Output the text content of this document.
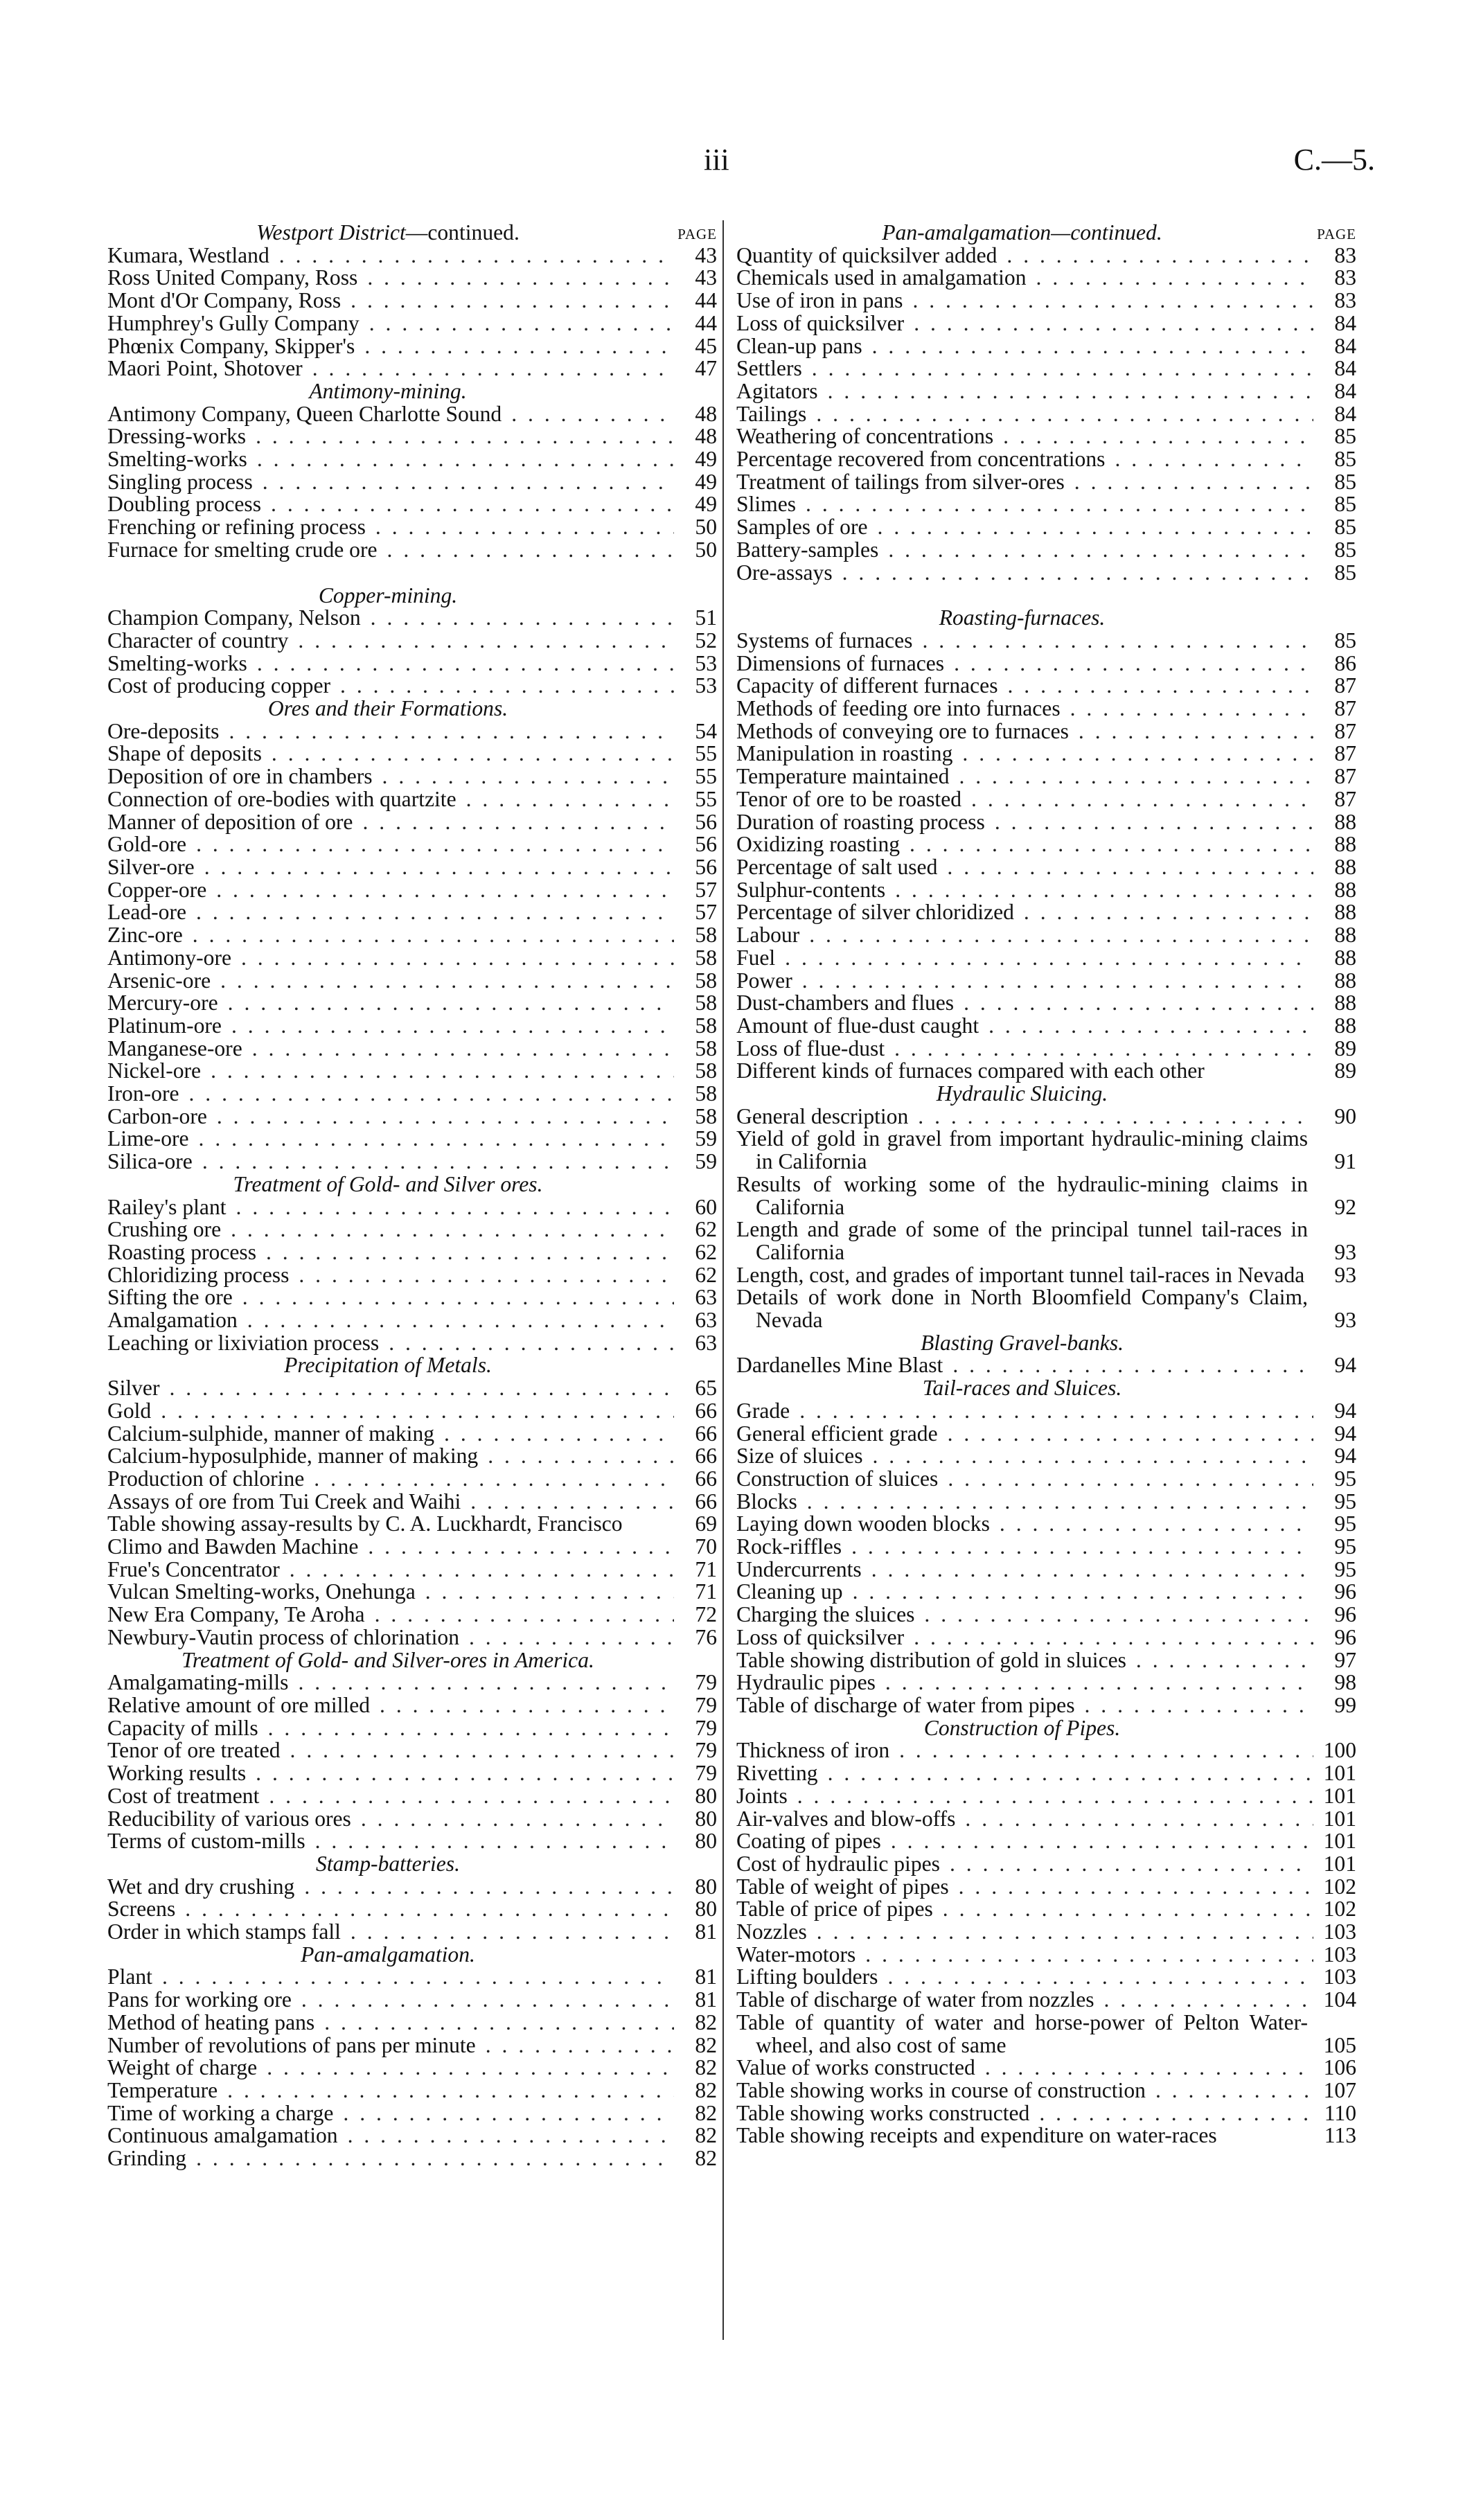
iii	C.—5.
PAGE
Westport District—continued.
Kumara, Westland . . .	43
Ross United Company, Ross . . .	43
Mont d'Or Company, Ross . . .	44
Humphrey's Gully Company . . .	44
Phœnix Company, Skipper's . . .	45
Maori Point, Shotover . . .	47
Antimony-mining.
Antimony Company, Queen Charlotte Sound . . .	48
Dressing-works . . .	48
Smelting-works . . .	49
Singling process . . .	49
Doubling process . . .	49
Frenching or refining process . . .	50
Furnace for smelting crude ore . . .	50
Copper-mining.
Champion Company, Nelson . . .	51
Character of country . . .	52
Smelting-works . . .	53
Cost of producing copper . . .	53
Ores and their Formations.
Ore-deposits . . .	54
Shape of deposits . . .	55
Deposition of ore in chambers . . .	55
Connection of ore-bodies with quartzite . . .	55
Manner of deposition of ore . . .	56
Gold-ore . . .	56
Silver-ore . . .	56
Copper-ore . . .	57
Lead-ore . . .	57
Zinc-ore . . .	58
Antimony-ore . . .	58
Arsenic-ore . . .	58
Mercury-ore . . .	58
Platinum-ore . . .	58
Manganese-ore . . .	58
Nickel-ore . . .	58
Iron-ore . . .	58
Carbon-ore . . .	58
Lime-ore . . .	59
Silica-ore . . .	59
Treatment of Gold- and Silver ores.
Railey's plant . . .	60
Crushing ore . . .	62
Roasting process . . .	62
Chloridizing process . . .	62
Sifting the ore . . .	63
Amalgamation . . .	63
Leaching or lixiviation process . . .	63
Precipitation of Metals.
Silver . . .	65
Gold . . .	66
Calcium-sulphide, manner of making . . .	66
Calcium-hyposulphide, manner of making . . .	66
Production of chlorine . . .	66
Assays of ore from Tui Creek and Waihi . . .	66
Table showing assay-results by C. A. Luckhardt, Francisco	69
Climo and Bawden Machine . . .	70
Frue's Concentrator . . .	71
Vulcan Smelting-works, Onehunga . . .	71
New Era Company, Te Aroha . . .	72
Newbury-Vautin process of chlorination . . .	76
Treatment of Gold- and Silver-ores in America.
Amalgamating-mills . . .	79
Relative amount of ore milled . . .	79
Capacity of mills . . .	79
Tenor of ore treated . . .	79
Working results . . .	79
Cost of treatment . . .	80
Reducibility of various ores . . .	80
Terms of custom-mills . . .	80
Stamp-batteries.
Wet and dry crushing . . .	80
Screens . . .	80
Order in which stamps fall . . .	81
Pan-amalgamation.
Plant . . .	81
Pans for working ore . . .	81
Method of heating pans . . .	82
Number of revolutions of pans per minute . . .	82
Weight of charge . . .	82
Temperature . . .	82
Time of working a charge . . .	82
Continuous amalgamation . . .	82
Grinding . . .	82
PAGE
Pan-amalgamation—continued.
Quantity of quicksilver added . . .	83
Chemicals used in amalgamation . . .	83
Use of iron in pans . . .	83
Loss of quicksilver . . .	84
Clean-up pans . . .	84
Settlers . . .	84
Agitators . . .	84
Tailings . . .	84
Weathering of concentrations . . .	85
Percentage recovered from concentrations . . .	85
Treatment of tailings from silver-ores . . .	85
Slimes . . .	85
Samples of ore . . .	85
Battery-samples . . .	85
Ore-assays . . .	85
Roasting-furnaces.
Systems of furnaces . . .	85
Dimensions of furnaces . . .	86
Capacity of different furnaces . . .	87
Methods of feeding ore into furnaces . . .	87
Methods of conveying ore to furnaces . . .	87
Manipulation in roasting . . .	87
Temperature maintained . . .	87
Tenor of ore to be roasted . . .	87
Duration of roasting process . . .	88
Oxidizing roasting . . .	88
Percentage of salt used . . .	88
Sulphur-contents . . .	88
Percentage of silver chloridized . . .	88
Labour . . .	88
Fuel . . .	88
Power . . .	88
Dust-chambers and flues . . .	88
Amount of flue-dust caught . . .	88
Loss of flue-dust . . .	89
Different kinds of furnaces compared with each other	89
Hydraulic Sluicing.
General description . . .	90
Yield of gold in gravel from important hydraulic-mining claims in California	91
Results of working some of the hydraulic-mining claims in California	92
Length and grade of some of the principal tunnel tail-races in California	93
Length, cost, and grades of important tunnel tail-races in Nevada	93
Details of work done in North Bloomfield Company's Claim, Nevada	93
Blasting Gravel-banks.
Dardanelles Mine Blast . . .	94
Tail-races and Sluices.
Grade . . .	94
General efficient grade . . .	94
Size of sluices . . .	94
Construction of sluices . . .	95
Blocks . . .	95
Laying down wooden blocks . . .	95
Rock-riffles . . .	95
Undercurrents . . .	95
Cleaning up . . .	96
Charging the sluices . . .	96
Loss of quicksilver . . .	96
Table showing distribution of gold in sluices . . .	97
Hydraulic pipes . . .	98
Table of discharge of water from pipes . . .	99
Construction of Pipes.
Thickness of iron . . .	100
Rivetting . . .	101
Joints . . .	101
Air-valves and blow-offs . . .	101
Coating of pipes . . .	101
Cost of hydraulic pipes . . .	101
Table of weight of pipes . . .	102
Table of price of pipes . . .	102
Nozzles . . .	103
Water-motors . . .	103
Lifting boulders . . .	103
Table of discharge of water from nozzles . . .	104
Table of quantity of water and horse-power of Pelton Water-wheel, and also cost of same	105
Value of works constructed . . .	106
Table showing works in course of construction . . .	107
Table showing works constructed . . .	110
Table showing receipts and expenditure on water-races	113
